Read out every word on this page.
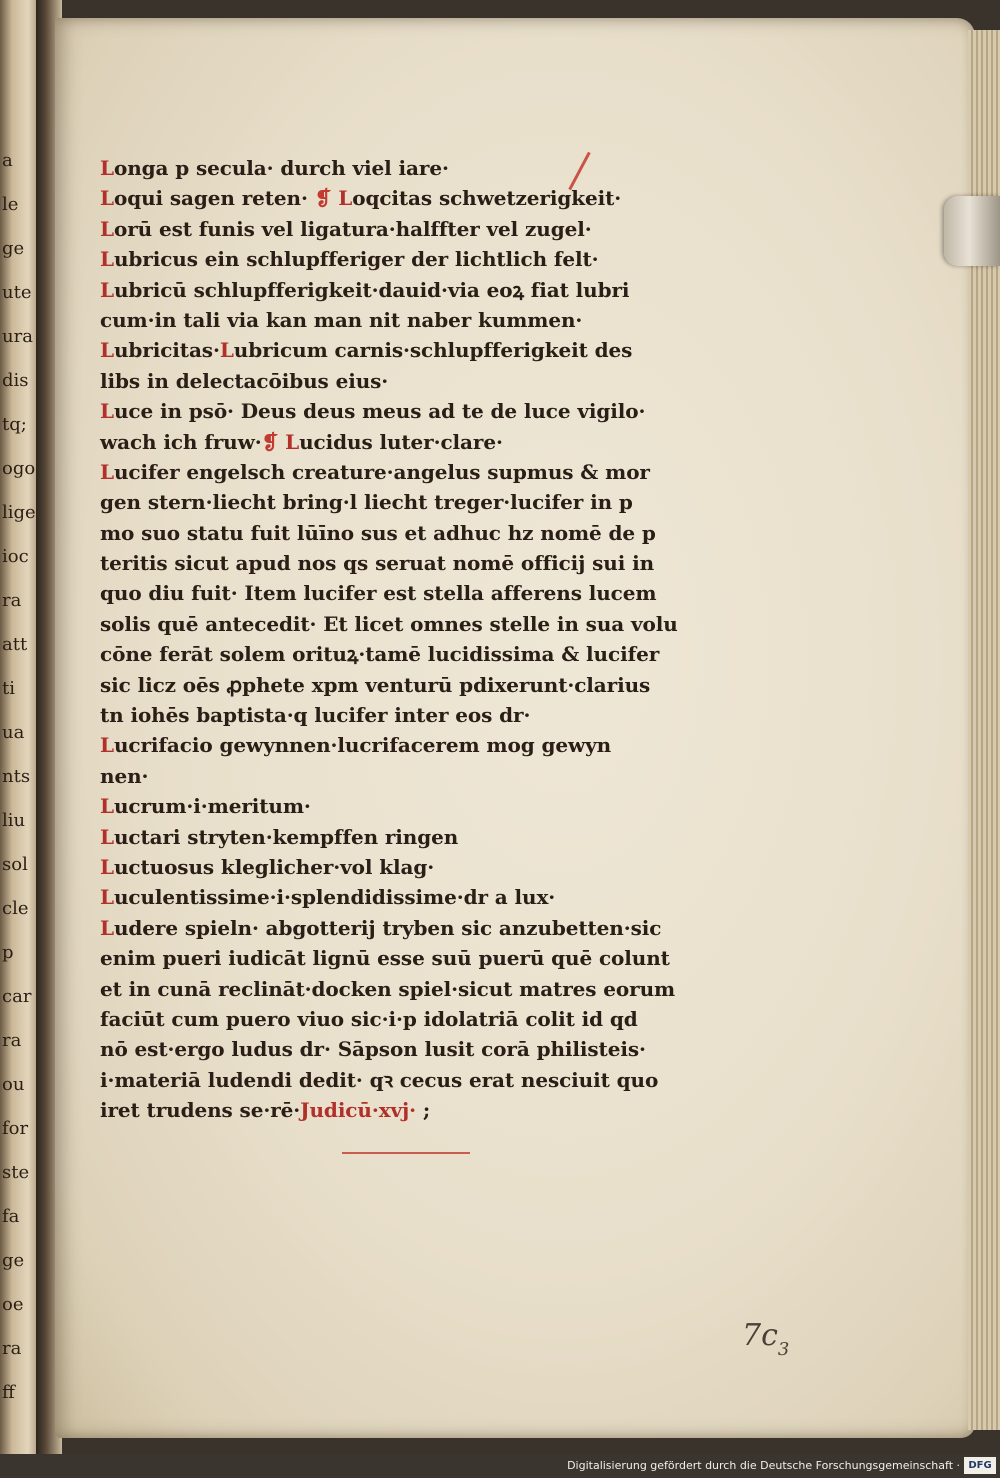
a
le
ge
ute
ura
dis
tq;
ogo
lige
ioc
ra
att
ti
ua
nts
liu
sol
cle
p
car
ra
ou
for
ste
fa
ge
oe
ra
ff
Longa p secula· durch viel iare·
Loqui sagen reten· ❡ Loqcitas schwetzerigkeit·
Lorū est funis vel ligatura·halffter vel zugel·
Lubricus ein schlupfferiger der lichtlich felt·
Lubricū schlupfferigkeit·dauid·via eoꝝ fiat lubri
cum·in tali via kan man nit naber kummen·
Lubricitas·Lubricum carnis·schlupfferigkeit des
libs in delectacōibus eius·
Luce in psō· Deus deus meus ad te de luce vigilo·
wach ich fruw·❡ Lucidus luter·clare·
Lucifer engelsch creature·angelus supmus & mor
gen stern·liecht bring·l liecht treger·lucifer in p
mo suo statu fuit lūīno sus et adhuc hz nomē de p
teritis sicut apud nos qs seruat nomē officij sui in
quo diu fuit· Item lucifer est stella afferens lucem
solis quē antecedit· Et licet omnes stelle in sua volu
cōne ferāt solem orituꝝ·tamē lucidissima & lucifer
sic licz oēs ꝓphete xpm venturū pdixerunt·clarius
tn iohēs baptista·q lucifer inter eos dr·
Lucrifacio gewynnen·lucrifacerem mog gewyn
nen·
Lucrum·i·meritum·
Luctari stryten·kempffen ringen
Luctuosus kleglicher·vol klag·
Luculentissime·i·splendidissime·dr a lux·
Ludere spieln· abgotterij tryben sic anzubetten·sic
enim pueri iudicāt lignū esse suū puerū quē colunt
et in cunā reclināt·docken spiel·sicut matres eorum
faciūt cum puero viuo sic·i·p idolatriā colit id qd
nō est·ergo ludus dr· Sāpson lusit corā philisteis·
i·materiā ludendi dedit· qꝛ cecus erat nesciuit quo
iret trudens se·rē·Judicū·xvj· ;
$7c_3$
Digitalisierung gefördert durch die Deutsche Forschungsgemeinschaft · DFG
